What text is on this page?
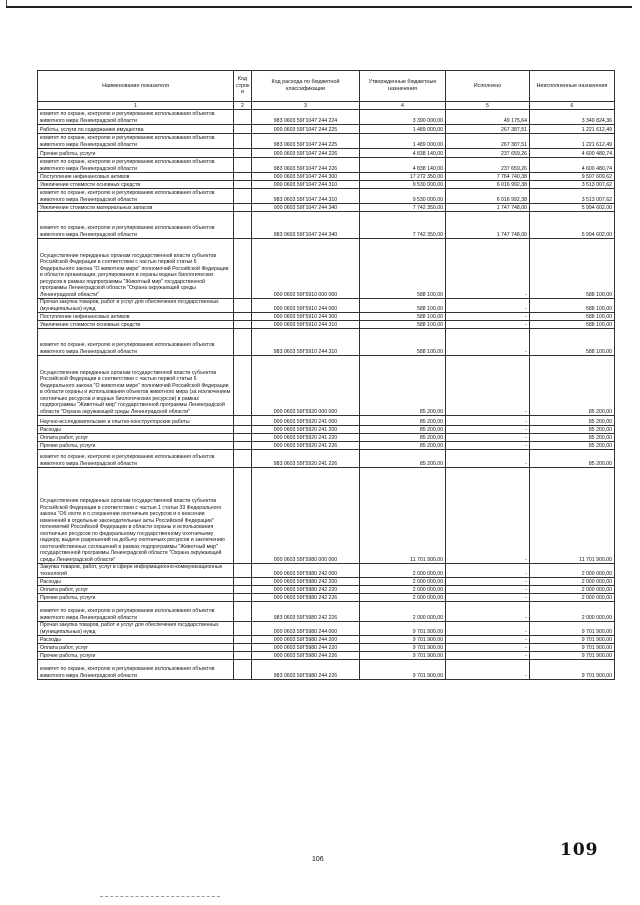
Наименование показателя	Код строк и	Код расхода по бюджетной классификации	Утвержденные бюджетные назначения	Исполнено	Неисполненные назначения
1	2	3	4	5	6
комитет по охране, контролю и регулированию использования объектов животного мира Ленинградской области		983 0603 59Г1047 244 224	3 390 000,00	49 175,64	3 340 824,36
Работы, услуги по содержанию имущества		000 0603 59Г1047 244 225	1 489 000,00	267 387,51	1 221 612,49
комитет по охране, контролю и регулированию использования объектов животного мира Ленинградской области		983 0603 59Г1047 244 225	1 489 000,00	267 387,51	1 221 612,49
Прочие работы, услуги		000 0603 59Г1047 244 226	4 838 140,00	237 659,26	4 600 480,74
комитет по охране, контролю и регулированию использования объектов животного мира Ленинградской области		983 0603 59Г1047 244 226	4 838 140,00	237 659,26	4 600 480,74
Поступление нефинансовых активов		000 0603 59Г1047 244 300	17 272 350,00	7 764 740,38	9 507 609,62
Увеличение стоимости основных средств		000 0603 59Г1047 244 310	9 530 000,00	6 016 992,38	3 513 007,62
комитет по охране, контролю и регулированию использования объектов животного мира Ленинградской области		983 0603 59Г1047 244 310	9 530 000,00	6 016 992,38	3 513 007,62
Увеличение стоимости материальных запасов		000 0603 59Г1047 244 340	7 742 350,00	1 747 748,00	5 994 602,00
комитет по охране, контролю и регулированию использования объектов животного мира Ленинградской области		983 0603 59Г1047 244 340	7 742 350,00	1 747 748,00	5 994 602,00
Осуществление переданных органам государственной власти субъектов Российской Федерации в соответствии с частью первой статьи 6 Федерального закона "О животном мире" полномочий Российской Федерации в области организации, регулирования и охраны водных биологических ресурсов в рамках подпрограммы "Животный мир" государственной программы Ленинградской области "Охрана окружающей среды Ленинградской области"		000 0603 59Г5910 000 000	588 100,00	-	588 100,00
Прочая закупка товаров, работ и услуг для обеспечения государственных (муниципальных) нужд		000 0603 59Г5910 244 000	588 100,00	-	588 100,00
Поступление нефинансовых активов		000 0603 59Г5910 244 300	588 100,00	-	588 100,00
Увеличение стоимости основных средств		000 0603 59Г5910 244 310	588 100,00	-	588 100,00
комитет по охране, контролю и регулированию использования объектов животного мира Ленинградской области		983 0603 59Г5910 244 310	588 100,00	-	588 100,00
Осуществление переданных органам государственной власти субъектов Российской Федерации в соответствии с частью первой статьи 6 Федерального закона "О животном мире" полномочий Российской Федерации в области охраны и использования объектов животного мира (за исключением охотничьих ресурсов и водных биологических ресурсов) в рамках подпрограммы "Животный мир" государственной программы Ленинградской области "Охрана окружающей среды Ленинградской области"		000 0603 59Г5920 000 000	85 200,00	-	85 200,00
Научно-исследовательские и опытно-конструкторские работы		000 0603 59Г5920 241 000	85 200,00	-	85 200,00
Расходы		000 0603 59Г5920 241 200	85 200,00	-	85 200,00
Оплата работ, услуг		000 0603 59Г5920 241 220	85 200,00	-	85 200,00
Прочие работы, услуги		000 0603 59Г5920 241 226	85 200,00	-	85 200,00
комитет по охране, контролю и регулированию использования объектов животного мира Ленинградской области		983 0603 59Г5920 241 226	85 200,00	-	85 200,00
Осуществление переданных органам государственной власти субъектов Российской Федерации в соответствии с частью 1 статьи 33 Федерального закона "Об охоте и о сохранении охотничьих ресурсов и о внесении изменений в отдельные законодательные акты Российской Федерации" полномочий Российской Федерации в области охраны и использования охотничьих ресурсов по федеральному государственному охотничьему надзору, выдаче разрешений на добычу охотничьих ресурсов и заключению охотхозяйственных соглашений в рамках подпрограммы "Животный мир" государственной программы Ленинградской области "Охрана окружающей среды Ленинградской области"		000 0603 59Г5980 000 000	11 701 900,00	-	11 701 900,00
Закупка товаров, работ, услуг в сфере информационно-коммуникационных технологий		000 0603 59Г5980 242 000	2 000 000,00	-	2 000 000,00
Расходы		000 0603 59Г5980 242 200	2 000 000,00	-	2 000 000,00
Оплата работ, услуг		000 0603 59Г5980 242 220	2 000 000,00	-	2 000 000,00
Прочие работы, услуги		000 0603 59Г5980 242 226	2 000 000,00	-	2 000 000,00
комитет по охране, контролю и регулированию использования объектов животного мира Ленинградской области		983 0603 59Г5980 242 226	2 000 000,00	-	2 000 000,00
Прочая закупка товаров, работ и услуг для обеспечения государственных (муниципальных) нужд		000 0603 59Г5980 244 000	9 701 900,00	-	9 701 900,00
Расходы		000 0603 59Г5980 244 200	9 701 900,00	-	9 701 900,00
Оплата работ, услуг		000 0603 59Г5980 244 220	9 701 900,00	-	9 701 900,00
Прочие работы, услуги		000 0603 59Г5980 244 226	9 701 900,00	-	9 701 900,00
комитет по охране, контролю и регулированию использования объектов животного мира Ленинградской области		983 0603 59Г5980 244 226	9 701 900,00	-	9 701 900,00
106	109
